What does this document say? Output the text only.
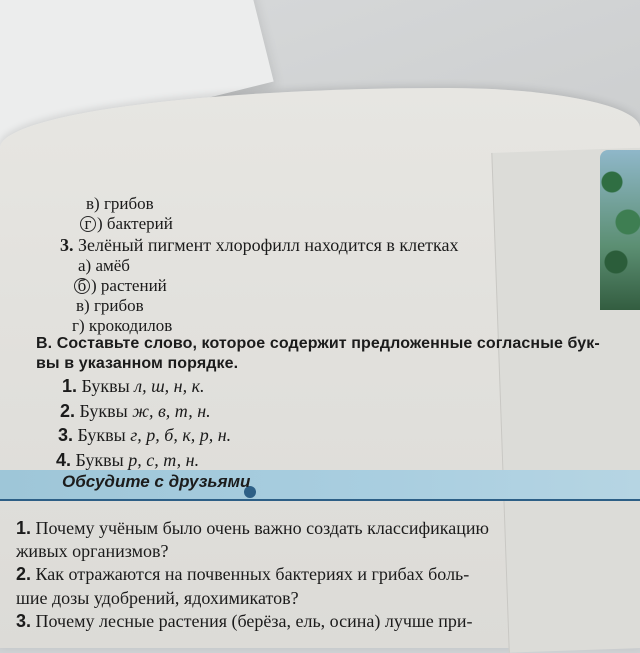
в) грибов
г ) бактерий
3. Зелёный пигмент хлорофилл находится в клетках
а) амёб
б ) растений
в) грибов
г) крокодилов
В. Составьте слово, которое содержит предложенные согласные бук-
вы в указанном порядке.
1. Буквы л, ш, н, к.
2. Буквы ж, в, т, н.
3. Буквы г, р, б, к, р, н.
4. Буквы р, с, т, н.
Обсудите с друзьями
1. Почему учёным было очень важно создать классификацию
живых организмов?
2. Как отражаются на почвенных бактериях и грибах боль-
шие дозы удобрений, ядохимикатов?
3. Почему лесные растения (берёза, ель, осина) лучше при-
